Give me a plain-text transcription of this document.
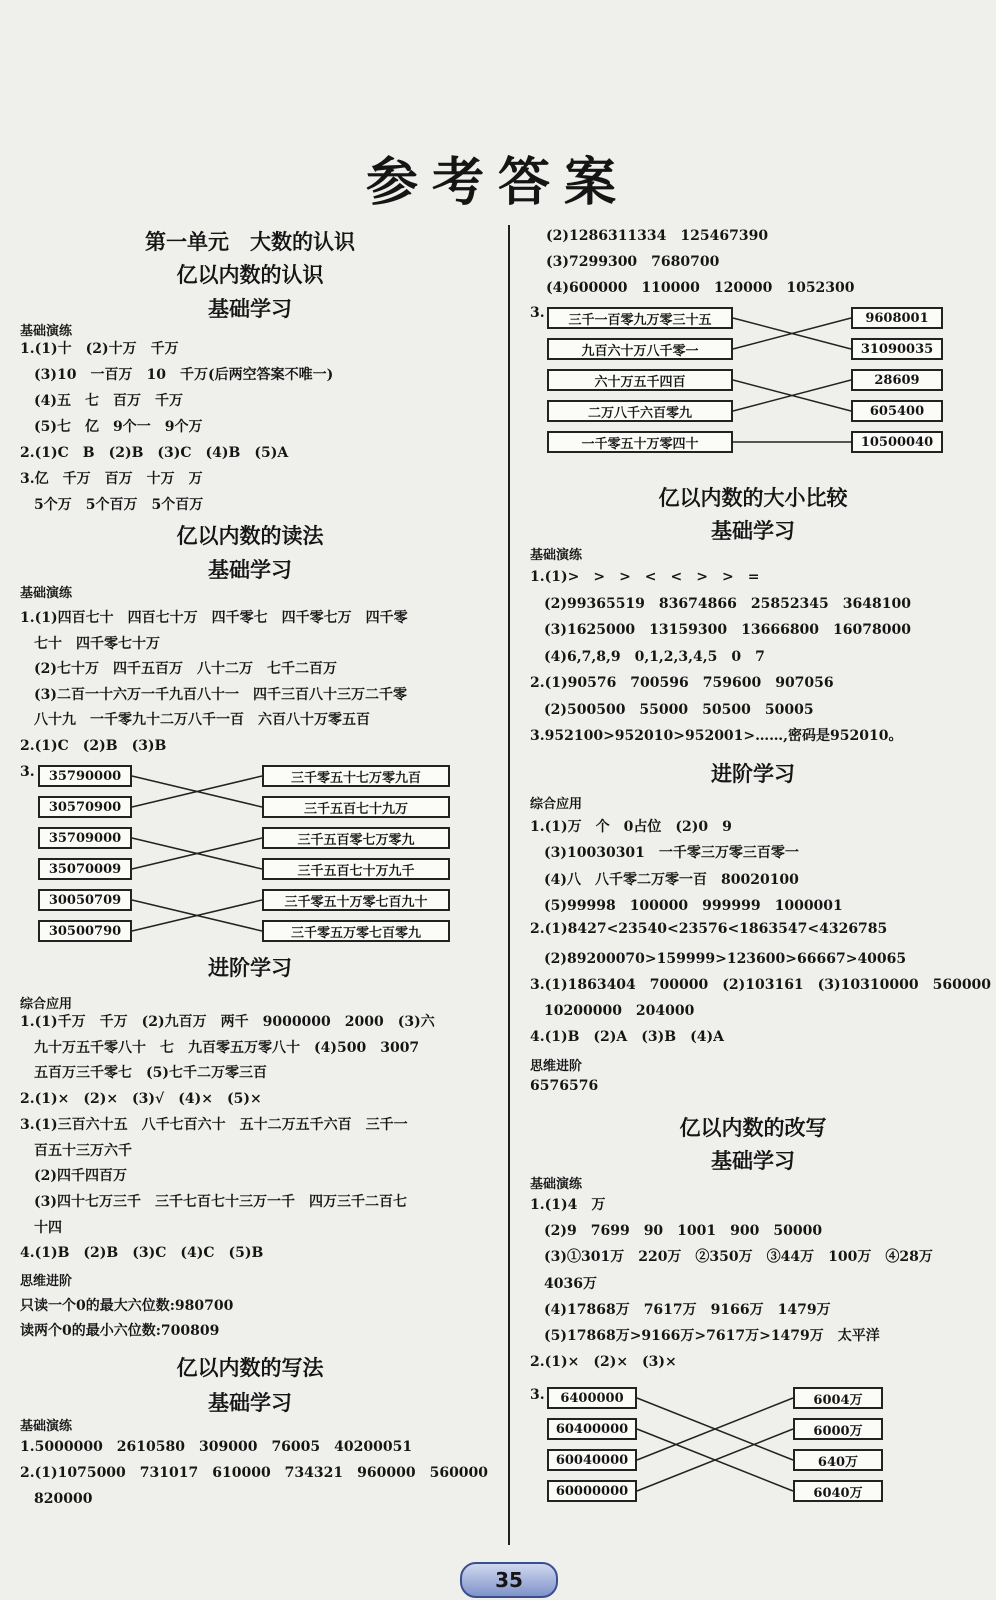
参考答案
第一单元　大数的认识
亿以内数的认识
基础学习
基础演练
1.(1)十　(2)十万　千万
　(3)10　一百万　10　千万(后两空答案不唯一)
　(4)五　七　百万　千万
　(5)七　亿　9个一　9个万
2.(1)C　B　(2)B　(3)C　(4)B　(5)A
3.亿　千万　百万　十万　万
　5个万　5个百万　5个百万
亿以内数的读法
基础学习
基础演练
1.(1)四百七十　四百七十万　四千零七　四千零七万　四千零
　七十　四千零七十万
　(2)七十万　四千五百万　八十二万　七千二百万
　(3)二百一十六万一千九百八十一　四千三百八十三万二千零
　八十九　一千零九十二万八千一百　六百八十万零五百
2.(1)C　(2)B　(3)B
3.	35790000
30570900
35709000
35070009
30050709
30500790
三千零五十七万零九百
三千五百七十九万
三千五百零七万零九
三千五百七十万九千
三千零五十万零七百九十
三千零五万零七百零九
进阶学习
综合应用
1.(1)千万　千万　(2)九百万　两千　9000000　2000　(3)六
　九十万五千零八十　七　九百零五万零八十　(4)500　3007
　五百万三千零七　(5)七千二万零三百
2.(1)×　(2)×　(3)√　(4)×　(5)×
3.(1)三百六十五　八千七百六十　五十二万五千六百　三千一
　百五十三万六千
　(2)四千四百万
　(3)四十七万三千　三千七百七十三万一千　四万三千二百七
　十四
4.(1)B　(2)B　(3)C　(4)C　(5)B
思维进阶
只读一个0的最大六位数:980700
读两个0的最小六位数:700809
亿以内数的写法
基础学习
基础演练
1.5000000　2610580　309000　76005　40200051
2.(1)1075000　731017　610000　734321　960000　560000
　820000
(2)1286311334　125467390
(3)7299300　7680700
(4)600000　110000　120000　1052300
3.	三千一百零九万零三十五
九百六十万八千零一
六十万五千四百
二万八千六百零九
一千零五十万零四十
9608001
31090035
28609
605400
10500040
亿以内数的大小比较
基础学习
基础演练
1.(1)>　>　>　<　<　>　>　=
　(2)99365519　83674866　25852345　3648100
　(3)1625000　13159300　13666800　16078000
　(4)6,7,8,9　0,1,2,3,4,5　0　7
2.(1)90576　700596　759600　907056
　(2)500500　55000　50500　50005
3.952100>952010>952001>……,密码是952010。
进阶学习
综合应用
1.(1)万　个　0占位　(2)0　9
　(3)10030301　一千零三万零三百零一
　(4)八　八千零二万零一百　80020100
　(5)99998　100000　999999　1000001
2.(1)8427<23540<23576<1863547<4326785
　(2)89200070>159999>123600>66667>40065
3.(1)1863404　700000　(2)103161　(3)10310000　560000
　10200000　204000
4.(1)B　(2)A　(3)B　(4)A
思维进阶
6576576
亿以内数的改写
基础学习
基础演练
1.(1)4　万
　(2)9　7699　90　1001　900　50000
　(3)①301万　220万　②350万　③44万　100万　④28万
　4036万
　(4)17868万　7617万　9166万　1479万
　(5)17868万>9166万>7617万>1479万　太平洋
2.(1)×　(2)×　(3)×
3.	6400000
60400000
60040000
60000000
6004万
6000万
640万
6040万
35
